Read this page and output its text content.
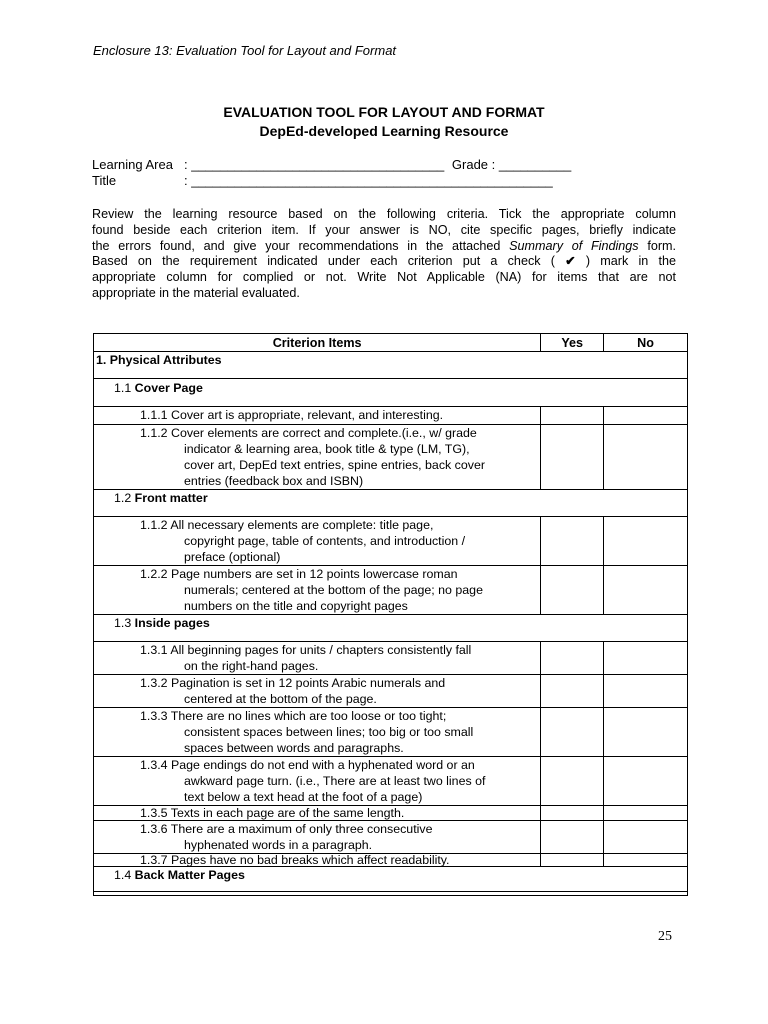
Enclosure 13: Evaluation Tool for Layout and Format
EVALUATION TOOL FOR LAYOUT AND FORMAT
DepEd-developed Learning Resource
Learning Area : ___________________________________ Grade : __________
Title	: __________________________________________________
Review the learning resource based on the following criteria. Tick the appropriate column
found beside each criterion item. If your answer is NO, cite specific pages, briefly indicate
the errors found, and give your recommendations in the attached Summary of Findings form.
Based on the requirement indicated under each criterion put a check ( ✔ ) mark in the
appropriate column for complied or not. Write Not Applicable (NA) for items that are not
appropriate in the material evaluated.
Criterion Items	Yes	No
1. Physical Attributes		
1.1 Cover Page		
1.1.1 Cover art is appropriate, relevant, and interesting.		

1.1.2 Cover elements are correct and complete.(i.e., w/ grade
indicator & learning area, book title & type (LM, TG),
cover art, DepEd text entries, spine entries, back cover
entries (feedback box and ISBN)		

1.2 Front matter		

1.1.2 All necessary elements are complete: title page,
copyright page, table of contents, and introduction /
preface (optional)		

1.2.2 Page numbers are set in 12 points lowercase roman
numerals; centered at the bottom of the page; no page
numbers on the title and copyright pages		

1.3 Inside pages		

1.3.1 All beginning pages for units / chapters consistently fall
on the right-hand pages.		

1.3.2 Pagination is set in 12 points Arabic numerals and
centered at the bottom of the page.		

1.3.3 There are no lines which are too loose or too tight;
consistent spaces between lines; too big or too small
spaces between words and paragraphs.		

1.3.4 Page endings do not end with a hyphenated word or an
awkward page turn. (i.e., There are at least two lines of
text below a text head at the foot of a page)		

1.3.5 Texts in each page are of the same length.		

1.3.6 There are a maximum of only three consecutive
hyphenated words in a paragraph.		

1.3.7 Pages have no bad breaks which affect readability.		
1.4 Back Matter Pages		

25
